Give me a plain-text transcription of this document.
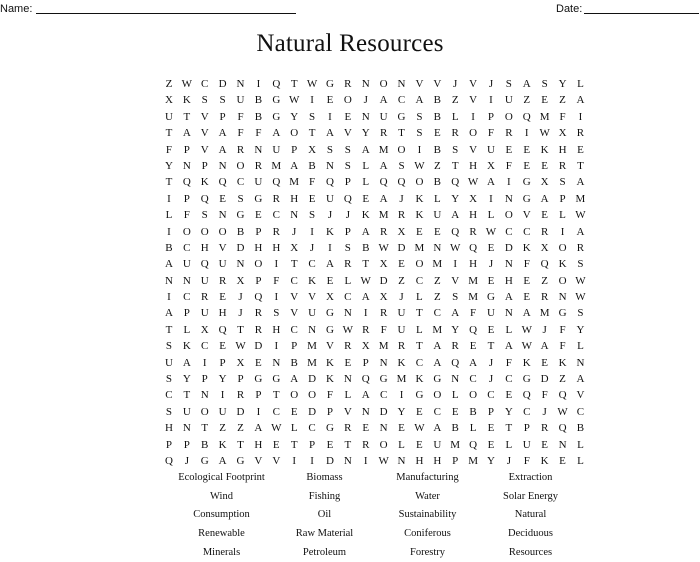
Name:	Date:
Natural Resources
Z W C D N	I	Q T W G R N O N V V	J	V	J	S A S Y L
X K S	S U B G W I	E O	J	A C A B Z V	I	U Z	E	Z A
U T V P	F	B G Y S	I	E N U G S	B L	I	P O Q M F	I
T A V A F	F A O T A V Y R T	S	E R O F	R	I W X R
F	P V A R N U P X S	S A M O	I	B	S V U E	E K H E
Y N P N O R M A B N S	L A S W Z	T H X F	E	E R T
T Q K Q C U Q M F Q P	L Q Q O B Q W A	I	G X S A
I	P Q E	S G R H E U Q E A	J	K L Y X	I	N G A P M
L	F	S N G E C N S	J	J	K M R K U A H L O V E	L W
I	O O O B	P	R	J	I	K P A R X E	E Q R W C C R	I	A
B C H V D H H X	J	I	S	B W D M N W Q E D K X O R
A U Q U N O	I	T C A R T X E O M	I	H	J	N F Q K S
N N U R X P	F	C K E	L W D Z C Z V M E H E	Z O W
I	C R E	J	Q	I	V V X C A X	J	L	Z	S M G A E R N W
A P U H	J	R	S V U G N	I	R U T C A F U N A M G S
T	L X Q T R H C N G W R	F U L M Y Q E	L W J	F Y
S K C E W D	I	P M V R X M R T A R E	T A W A F	L
U A	I	P X E N B M K E	P N K C A Q A	J	F K E K N
S Y P Y P G G A D K N Q G M K G N C	J	C G D Z A
C T N	I	R	P	T O O F	L A C	I	G O L O C E Q F Q V
S U O U D	I	C E D P V N D Y E C E B	P Y C	J W C
H N T	Z	Z A W L C G R E N E W A B L	E	T	P	R Q B
P	P	B K T H E	T	P	E	T R O L	E U M Q E	L U E N L
Q	J	G A G V V	I	I	D N	I W N H H P M Y	J	F K E	L
Ecological Footprint	Biomass	Manufacturing	Extraction
Wind	Fishing	Water	Solar Energy
Consumption	Oil	Sustainability	Natural
Renewable	Raw Material	Coniferous	Deciduous
Minerals	Petroleum	Forestry	Resources
